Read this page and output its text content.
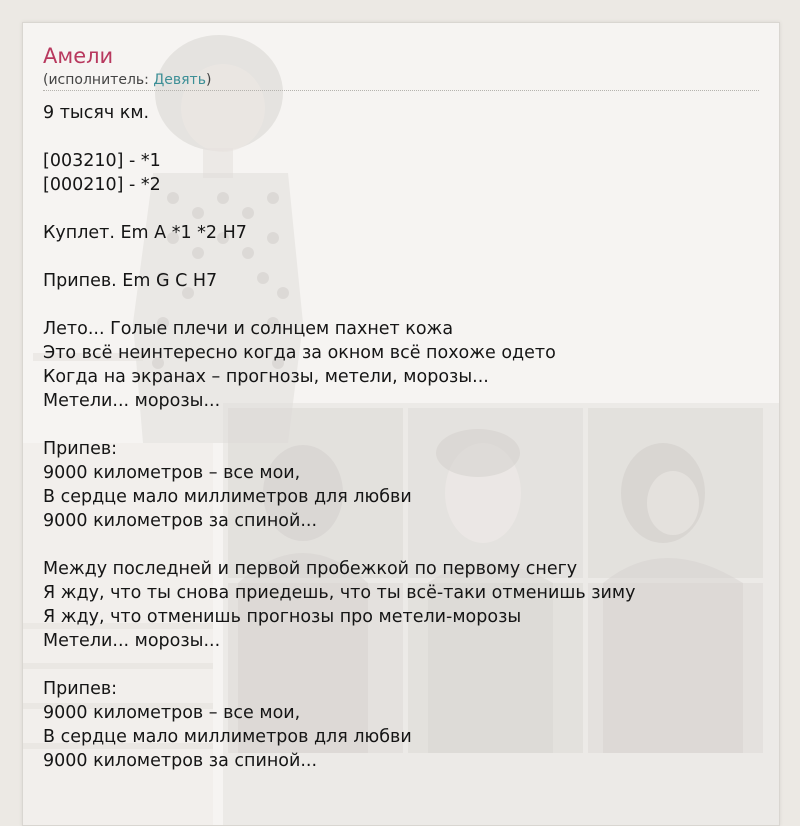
Амели
(исполнитель: Девять)
9 тысяч км.

[003210] - *1
[000210] - *2

Куплет. Em A *1 *2 H7

Припев. Em G C H7

Лето... Голые плечи и солнцем пахнет кожа
Это всё неинтересно когда за окном всё похоже одето
Когда на экранах – прогнозы, метели, морозы...
Метели... морозы...

Припев:
9000 километров – все мои,
В сердце мало миллиметров для любви
9000 километров за спиной...

Между последней и первой пробежкой по первому снегу
Я жду, что ты снова приедешь, что ты всё-таки отменишь зиму
Я жду, что отменишь прогнозы про метели-морозы
Метели... морозы...

Припев:
9000 километров – все мои,
В сердце мало миллиметров для любви
9000 километров за спиной...
